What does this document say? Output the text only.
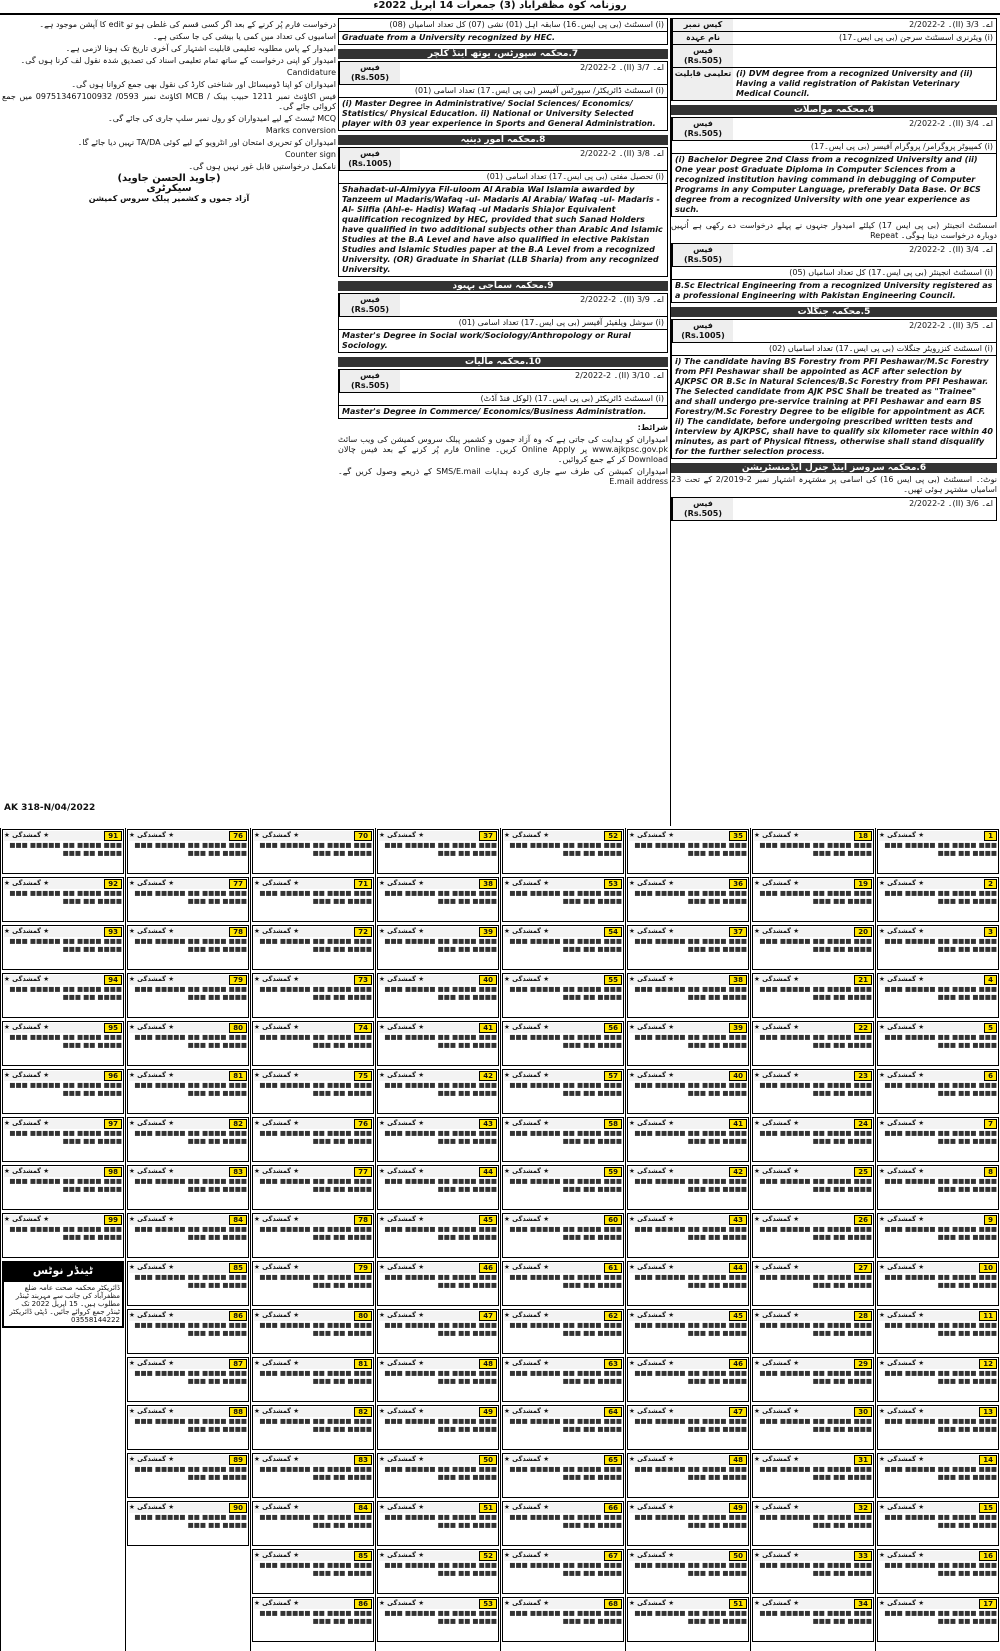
روزنامہ کوہ مظفرآباد (3) جمعرات 14 اپریل 2022ء
کیس نمبر	اے۔ 3/3 (II)۔ 2-2/2022
نام عہدہ	(i) ویٹرنری اسسٹنٹ سرجن (بی پی ایس۔17)
فیس (Rs.505)
تعلیمی قابلیت (i) DVM degree from a recognized University and (ii) Having a valid registration of Pakistan Veterinary Medical Council.
4.محکمہ مواصلات
فیس (Rs.505)
اے۔ 3/4 (II)۔ 2-2/2022
(i) کمپیوٹر پروگرامر/ پروگرام آفیسر (بی پی ایس۔17)
(i) Bachelor Degree 2nd Class from a recognized University and (ii) One year post Graduate Diploma in Computer Sciences from a recognized institution having command in debugging of Computer Programs in any Computer Language, preferably Data Base. Or BCS degree from a recognized University with one year experience as such.
اسسٹنٹ انجینئر (بی پی ایس 17) کیلئے امیدوار جنہوں نے پہلے درخواست دے رکھی ہے اُنہیں دوبارہ درخواست دینا ہوگی۔ Repeat
فیس (Rs.505)
اے۔ 3/4 (II)۔ 2-2/2022
(i) اسسٹنٹ انجینئر (بی پی ایس۔17) کل تعداد اسامیاں (05)
B.Sc Electrical Engineering from a recognized University registered as a professional Engineering with Pakistan Engineering Council.
5.محکمہ جنگلات
فیس (Rs.1005)
اے۔ 3/5 (II)۔ 2-2/2022
(i) اسسٹنٹ کنزرویٹر جنگلات (بی پی ایس۔17) تعداد اسامیاں (02)
i) The candidate having BS Forestry from PFI Peshawar/M.Sc Forestry from PFI Peshawar shall be appointed as ACF after selection by AJKPSC OR B.Sc in Natural Sciences/B.Sc Forestry from PFI Peshawar. The Selected candidate from AJK PSC Shall be treated as "Trainee" and shall undergo pre-service training at PFI Peshawar and earn BS Forestry/M.Sc Forestry Degree to be eligible for appointment as ACF. ii) The candidate, before undergoing prescribed written tests and interview by AJKPSC, shall have to qualify six kilometer race within 40 minutes, as part of Physical fitness, otherwise shall stand disqualify for the further selection process.
6.محکمہ سروسز اینڈ جنرل ایڈمنسٹریشن
نوٹ:۔ اسسٹنٹ (بی پی ایس 16) کی اسامی پر مشتہرہ اشتہار نمبر 2-2/2019 کے تحت 23 اسامیاں مشتہر ہوئی تھیں۔
فیس (Rs.505)
اے۔ 3/6 (II)۔ 2-2/2022
(i) اسسٹنٹ (بی پی ایس۔16) سابقہ اہل (01) نشی (07) کل تعداد اسامیاں (08)
Graduate from a University recognized by HEC.
7.محکمہ سپورٹس، یوتھ اینڈ کلچر
فیس (Rs.505)
اے۔ 3/7 (II)۔ 2-2/2022
(i) اسسٹنٹ ڈائریکٹر/ سپورٹس آفیسر (بی پی ایس۔17) تعداد اسامی (01)
(i) Master Degree in Administrative/ Social Sciences/ Economics/ Statistics/ Physical Education. ii) National or University Selected player with 03 year experience in Sports and General Administration.
8.محکمہ امور دینیہ
فیس (Rs.1005)
اے۔ 3/8 (II)۔ 2-2/2022
(i) تحصیل مفتی (بی پی ایس۔17) تعداد اسامی (01)
Shahadat-ul-Almiyya Fil-uloom Al Arabia Wal Islamia awarded by Tanzeem ul Madaris/Wafaq -ul- Madaris Al Arabia/ Wafaq -ul- Madaris -Al- Silfia (Ahl-e- Hadis) Wafaq -ul Madaris Shia)or Equivalent qualification recognized by HEC, provided that such Sanad Holders have qualified in two additional subjects other than Arabic And Islamic Studies at the B.A Level and have also qualified in elective Pakistan Studies and Islamic Studies paper at the B.A Level from a recognized University. (OR) Graduate in Shariat (LLB Sharia) from any recognized University.
9.محکمہ سماجی بہبود
فیس (Rs.505)
اے۔ 3/9 (II)۔ 2-2/2022
(i) سوشل ویلفیئر آفیسر (بی پی ایس۔17) تعداد اسامی (01)
Master's Degree in Social work/Sociology/Anthropology or Rural Sociology.
10.محکمہ مالیات
فیس (Rs.505)
اے۔ 3/10 (II)۔ 2-2/2022
(i) اسسٹنٹ ڈائریکٹر (بی پی ایس۔17) (لوکل فنڈ آڈٹ)
Master's Degree in Commerce/ Economics/Business Administration.
شرائط:
امیدواران کو ہدایت کی جاتی ہے کہ وہ آزاد جموں و کشمیر پبلک سروس کمیشن کی ویب سائٹ www.ajkpsc.gov.pk پر Online Apply کریں۔ Online فارم پُر کرنے کے بعد فیس چالان Download کر کے جمع کروائیں۔
امیدواران کمیشن کی طرف سے جاری کردہ ہدایات SMS/E.mail کے ذریعے وصول کریں گے۔ E.mail address
درخواست فارم پُر کرنے کے بعد اگر کسی قسم کی غلطی ہو تو edit کا آپشن موجود ہے۔
اسامیوں کی تعداد میں کمی یا بیشی کی جا سکتی ہے۔
امیدوار کے پاس مطلوبہ تعلیمی قابلیت اشتہار کی آخری تاریخ تک ہونا لازمی ہے۔
امیدوار کو اپنی درخواست کے ساتھ تمام تعلیمی اسناد کی تصدیق شدہ نقول لف کرنا ہوں گی۔
Candidature
امیدواران کو اپنا ڈومیسائل اور شناختی کارڈ کی نقول بھی جمع کروانا ہوں گی۔
فیس اکاؤنٹ نمبر 1211 حبیب بینک / MCB اکاؤنٹ نمبر 0593/ 097513467100932 میں جمع کروائی جائے گی۔
MCQ ٹیسٹ کے لیے امیدواران کو رول نمبر سلپ جاری کی جائے گی۔
Marks conversion
امیدواران کو تحریری امتحان اور انٹرویو کے لیے کوئی TA/DA نہیں دیا جائے گا۔
Counter sign
نامکمل درخواستیں قابل غور نہیں ہوں گی۔
(جاوید الحسن جاوید)
سیکرٹری
آزاد جموں و کشمیر پبلک سروس کمیشن
AK 318-N/04/2022
1
★ گمشدگی ★
■■■ ■■■■ ■■ ■■■■■ ■■■ ■■■■ ■■ ■■■
2
★ گمشدگی ★
■■■ ■■■■ ■■ ■■■■■ ■■■ ■■■■ ■■ ■■■
3
★ گمشدگی ★
■■■ ■■■■ ■■ ■■■■■ ■■■ ■■■■ ■■ ■■■
4
★ گمشدگی ★
■■■ ■■■■ ■■ ■■■■■ ■■■ ■■■■ ■■ ■■■
5
★ گمشدگی ★
■■■ ■■■■ ■■ ■■■■■ ■■■ ■■■■ ■■ ■■■
6
★ گمشدگی ★
■■■ ■■■■ ■■ ■■■■■ ■■■ ■■■■ ■■ ■■■
7
★ گمشدگی ★
■■■ ■■■■ ■■ ■■■■■ ■■■ ■■■■ ■■ ■■■
8
★ گمشدگی ★
■■■ ■■■■ ■■ ■■■■■ ■■■ ■■■■ ■■ ■■■
9
★ گمشدگی ★
■■■ ■■■■ ■■ ■■■■■ ■■■ ■■■■ ■■ ■■■
10
★ گمشدگی ★
■■■ ■■■■ ■■ ■■■■■ ■■■ ■■■■ ■■ ■■■
11
★ گمشدگی ★
■■■ ■■■■ ■■ ■■■■■ ■■■ ■■■■ ■■ ■■■
12
★ گمشدگی ★
■■■ ■■■■ ■■ ■■■■■ ■■■ ■■■■ ■■ ■■■
13
★ گمشدگی ★
■■■ ■■■■ ■■ ■■■■■ ■■■ ■■■■ ■■ ■■■
14
★ گمشدگی ★
■■■ ■■■■ ■■ ■■■■■ ■■■ ■■■■ ■■ ■■■
15
★ گمشدگی ★
■■■ ■■■■ ■■ ■■■■■ ■■■ ■■■■ ■■ ■■■
16
★ گمشدگی ★
■■■ ■■■■ ■■ ■■■■■ ■■■ ■■■■ ■■ ■■■
17
★ گمشدگی ★
■■■ ■■■■ ■■ ■■■■■ ■■■ ■■■■ ■■ ■■■
18
★ گمشدگی ★
■■■ ■■■■ ■■ ■■■■■ ■■■ ■■■■ ■■ ■■■
19
★ گمشدگی ★
■■■ ■■■■ ■■ ■■■■■ ■■■ ■■■■ ■■ ■■■
20
★ گمشدگی ★
■■■ ■■■■ ■■ ■■■■■ ■■■ ■■■■ ■■ ■■■
21
★ گمشدگی ★
■■■ ■■■■ ■■ ■■■■■ ■■■ ■■■■ ■■ ■■■
22
★ گمشدگی ★
■■■ ■■■■ ■■ ■■■■■ ■■■ ■■■■ ■■ ■■■
23
★ گمشدگی ★
■■■ ■■■■ ■■ ■■■■■ ■■■ ■■■■ ■■ ■■■
24
★ گمشدگی ★
■■■ ■■■■ ■■ ■■■■■ ■■■ ■■■■ ■■ ■■■
25
★ گمشدگی ★
■■■ ■■■■ ■■ ■■■■■ ■■■ ■■■■ ■■ ■■■
26
★ گمشدگی ★
■■■ ■■■■ ■■ ■■■■■ ■■■ ■■■■ ■■ ■■■
27
★ گمشدگی ★
■■■ ■■■■ ■■ ■■■■■ ■■■ ■■■■ ■■ ■■■
28
★ گمشدگی ★
■■■ ■■■■ ■■ ■■■■■ ■■■ ■■■■ ■■ ■■■
29
★ گمشدگی ★
■■■ ■■■■ ■■ ■■■■■ ■■■ ■■■■ ■■ ■■■
30
★ گمشدگی ★
■■■ ■■■■ ■■ ■■■■■ ■■■ ■■■■ ■■ ■■■
31
★ گمشدگی ★
■■■ ■■■■ ■■ ■■■■■ ■■■ ■■■■ ■■ ■■■
32
★ گمشدگی ★
■■■ ■■■■ ■■ ■■■■■ ■■■ ■■■■ ■■ ■■■
33
★ گمشدگی ★
■■■ ■■■■ ■■ ■■■■■ ■■■ ■■■■ ■■ ■■■
34
★ گمشدگی ★
■■■ ■■■■ ■■ ■■■■■ ■■■ ■■■■ ■■ ■■■
35
★ گمشدگی ★
■■■ ■■■■ ■■ ■■■■■ ■■■ ■■■■ ■■ ■■■
36
★ گمشدگی ★
■■■ ■■■■ ■■ ■■■■■ ■■■ ■■■■ ■■ ■■■
37
★ گمشدگی ★
■■■ ■■■■ ■■ ■■■■■ ■■■ ■■■■ ■■ ■■■
38
★ گمشدگی ★
■■■ ■■■■ ■■ ■■■■■ ■■■ ■■■■ ■■ ■■■
39
★ گمشدگی ★
■■■ ■■■■ ■■ ■■■■■ ■■■ ■■■■ ■■ ■■■
40
★ گمشدگی ★
■■■ ■■■■ ■■ ■■■■■ ■■■ ■■■■ ■■ ■■■
41
★ گمشدگی ★
■■■ ■■■■ ■■ ■■■■■ ■■■ ■■■■ ■■ ■■■
42
★ گمشدگی ★
■■■ ■■■■ ■■ ■■■■■ ■■■ ■■■■ ■■ ■■■
43
★ گمشدگی ★
■■■ ■■■■ ■■ ■■■■■ ■■■ ■■■■ ■■ ■■■
44
★ گمشدگی ★
■■■ ■■■■ ■■ ■■■■■ ■■■ ■■■■ ■■ ■■■
45
★ گمشدگی ★
■■■ ■■■■ ■■ ■■■■■ ■■■ ■■■■ ■■ ■■■
46
★ گمشدگی ★
■■■ ■■■■ ■■ ■■■■■ ■■■ ■■■■ ■■ ■■■
47
★ گمشدگی ★
■■■ ■■■■ ■■ ■■■■■ ■■■ ■■■■ ■■ ■■■
48
★ گمشدگی ★
■■■ ■■■■ ■■ ■■■■■ ■■■ ■■■■ ■■ ■■■
49
★ گمشدگی ★
■■■ ■■■■ ■■ ■■■■■ ■■■ ■■■■ ■■ ■■■
50
★ گمشدگی ★
■■■ ■■■■ ■■ ■■■■■ ■■■ ■■■■ ■■ ■■■
51
★ گمشدگی ★
■■■ ■■■■ ■■ ■■■■■ ■■■ ■■■■ ■■ ■■■
52
★ گمشدگی ★
■■■ ■■■■ ■■ ■■■■■ ■■■ ■■■■ ■■ ■■■
53
★ گمشدگی ★
■■■ ■■■■ ■■ ■■■■■ ■■■ ■■■■ ■■ ■■■
54
★ گمشدگی ★
■■■ ■■■■ ■■ ■■■■■ ■■■ ■■■■ ■■ ■■■
55
★ گمشدگی ★
■■■ ■■■■ ■■ ■■■■■ ■■■ ■■■■ ■■ ■■■
56
★ گمشدگی ★
■■■ ■■■■ ■■ ■■■■■ ■■■ ■■■■ ■■ ■■■
57
★ گمشدگی ★
■■■ ■■■■ ■■ ■■■■■ ■■■ ■■■■ ■■ ■■■
58
★ گمشدگی ★
■■■ ■■■■ ■■ ■■■■■ ■■■ ■■■■ ■■ ■■■
59
★ گمشدگی ★
■■■ ■■■■ ■■ ■■■■■ ■■■ ■■■■ ■■ ■■■
60
★ گمشدگی ★
■■■ ■■■■ ■■ ■■■■■ ■■■ ■■■■ ■■ ■■■
61
★ گمشدگی ★
■■■ ■■■■ ■■ ■■■■■ ■■■ ■■■■ ■■ ■■■
62
★ گمشدگی ★
■■■ ■■■■ ■■ ■■■■■ ■■■ ■■■■ ■■ ■■■
63
★ گمشدگی ★
■■■ ■■■■ ■■ ■■■■■ ■■■ ■■■■ ■■ ■■■
64
★ گمشدگی ★
■■■ ■■■■ ■■ ■■■■■ ■■■ ■■■■ ■■ ■■■
65
★ گمشدگی ★
■■■ ■■■■ ■■ ■■■■■ ■■■ ■■■■ ■■ ■■■
66
★ گمشدگی ★
■■■ ■■■■ ■■ ■■■■■ ■■■ ■■■■ ■■ ■■■
67
★ گمشدگی ★
■■■ ■■■■ ■■ ■■■■■ ■■■ ■■■■ ■■ ■■■
68
★ گمشدگی ★
■■■ ■■■■ ■■ ■■■■■ ■■■ ■■■■ ■■ ■■■
37
★ گمشدگی ★
■■■ ■■■■ ■■ ■■■■■ ■■■ ■■■■ ■■ ■■■
38
★ گمشدگی ★
■■■ ■■■■ ■■ ■■■■■ ■■■ ■■■■ ■■ ■■■
39
★ گمشدگی ★
■■■ ■■■■ ■■ ■■■■■ ■■■ ■■■■ ■■ ■■■
40
★ گمشدگی ★
■■■ ■■■■ ■■ ■■■■■ ■■■ ■■■■ ■■ ■■■
41
★ گمشدگی ★
■■■ ■■■■ ■■ ■■■■■ ■■■ ■■■■ ■■ ■■■
42
★ گمشدگی ★
■■■ ■■■■ ■■ ■■■■■ ■■■ ■■■■ ■■ ■■■
43
★ گمشدگی ★
■■■ ■■■■ ■■ ■■■■■ ■■■ ■■■■ ■■ ■■■
44
★ گمشدگی ★
■■■ ■■■■ ■■ ■■■■■ ■■■ ■■■■ ■■ ■■■
45
★ گمشدگی ★
■■■ ■■■■ ■■ ■■■■■ ■■■ ■■■■ ■■ ■■■
46
★ گمشدگی ★
■■■ ■■■■ ■■ ■■■■■ ■■■ ■■■■ ■■ ■■■
47
★ گمشدگی ★
■■■ ■■■■ ■■ ■■■■■ ■■■ ■■■■ ■■ ■■■
48
★ گمشدگی ★
■■■ ■■■■ ■■ ■■■■■ ■■■ ■■■■ ■■ ■■■
49
★ گمشدگی ★
■■■ ■■■■ ■■ ■■■■■ ■■■ ■■■■ ■■ ■■■
50
★ گمشدگی ★
■■■ ■■■■ ■■ ■■■■■ ■■■ ■■■■ ■■ ■■■
51
★ گمشدگی ★
■■■ ■■■■ ■■ ■■■■■ ■■■ ■■■■ ■■ ■■■
52
★ گمشدگی ★
■■■ ■■■■ ■■ ■■■■■ ■■■ ■■■■ ■■ ■■■
53
★ گمشدگی ★
■■■ ■■■■ ■■ ■■■■■ ■■■ ■■■■ ■■ ■■■
70
★ گمشدگی ★
■■■ ■■■■ ■■ ■■■■■ ■■■ ■■■■ ■■ ■■■
71
★ گمشدگی ★
■■■ ■■■■ ■■ ■■■■■ ■■■ ■■■■ ■■ ■■■
72
★ گمشدگی ★
■■■ ■■■■ ■■ ■■■■■ ■■■ ■■■■ ■■ ■■■
73
★ گمشدگی ★
■■■ ■■■■ ■■ ■■■■■ ■■■ ■■■■ ■■ ■■■
74
★ گمشدگی ★
■■■ ■■■■ ■■ ■■■■■ ■■■ ■■■■ ■■ ■■■
75
★ گمشدگی ★
■■■ ■■■■ ■■ ■■■■■ ■■■ ■■■■ ■■ ■■■
76
★ گمشدگی ★
■■■ ■■■■ ■■ ■■■■■ ■■■ ■■■■ ■■ ■■■
77
★ گمشدگی ★
■■■ ■■■■ ■■ ■■■■■ ■■■ ■■■■ ■■ ■■■
78
★ گمشدگی ★
■■■ ■■■■ ■■ ■■■■■ ■■■ ■■■■ ■■ ■■■
79
★ گمشدگی ★
■■■ ■■■■ ■■ ■■■■■ ■■■ ■■■■ ■■ ■■■
80
★ گمشدگی ★
■■■ ■■■■ ■■ ■■■■■ ■■■ ■■■■ ■■ ■■■
81
★ گمشدگی ★
■■■ ■■■■ ■■ ■■■■■ ■■■ ■■■■ ■■ ■■■
82
★ گمشدگی ★
■■■ ■■■■ ■■ ■■■■■ ■■■ ■■■■ ■■ ■■■
83
★ گمشدگی ★
■■■ ■■■■ ■■ ■■■■■ ■■■ ■■■■ ■■ ■■■
84
★ گمشدگی ★
■■■ ■■■■ ■■ ■■■■■ ■■■ ■■■■ ■■ ■■■
85
★ گمشدگی ★
■■■ ■■■■ ■■ ■■■■■ ■■■ ■■■■ ■■ ■■■
86
★ گمشدگی ★
■■■ ■■■■ ■■ ■■■■■ ■■■ ■■■■ ■■ ■■■
76
★ گمشدگی ★
■■■ ■■■■ ■■ ■■■■■ ■■■ ■■■■ ■■ ■■■
77
★ گمشدگی ★
■■■ ■■■■ ■■ ■■■■■ ■■■ ■■■■ ■■ ■■■
78
★ گمشدگی ★
■■■ ■■■■ ■■ ■■■■■ ■■■ ■■■■ ■■ ■■■
79
★ گمشدگی ★
■■■ ■■■■ ■■ ■■■■■ ■■■ ■■■■ ■■ ■■■
80
★ گمشدگی ★
■■■ ■■■■ ■■ ■■■■■ ■■■ ■■■■ ■■ ■■■
81
★ گمشدگی ★
■■■ ■■■■ ■■ ■■■■■ ■■■ ■■■■ ■■ ■■■
82
★ گمشدگی ★
■■■ ■■■■ ■■ ■■■■■ ■■■ ■■■■ ■■ ■■■
83
★ گمشدگی ★
■■■ ■■■■ ■■ ■■■■■ ■■■ ■■■■ ■■ ■■■
84
★ گمشدگی ★
■■■ ■■■■ ■■ ■■■■■ ■■■ ■■■■ ■■ ■■■
85
★ گمشدگی ★
■■■ ■■■■ ■■ ■■■■■ ■■■ ■■■■ ■■ ■■■
86
★ گمشدگی ★
■■■ ■■■■ ■■ ■■■■■ ■■■ ■■■■ ■■ ■■■
87
★ گمشدگی ★
■■■ ■■■■ ■■ ■■■■■ ■■■ ■■■■ ■■ ■■■
88
★ گمشدگی ★
■■■ ■■■■ ■■ ■■■■■ ■■■ ■■■■ ■■ ■■■
89
★ گمشدگی ★
■■■ ■■■■ ■■ ■■■■■ ■■■ ■■■■ ■■ ■■■
90
★ گمشدگی ★
■■■ ■■■■ ■■ ■■■■■ ■■■ ■■■■ ■■ ■■■
91
★ گمشدگی ★
■■■ ■■■■ ■■ ■■■■■ ■■■ ■■■■ ■■ ■■■
92
★ گمشدگی ★
■■■ ■■■■ ■■ ■■■■■ ■■■ ■■■■ ■■ ■■■
93
★ گمشدگی ★
■■■ ■■■■ ■■ ■■■■■ ■■■ ■■■■ ■■ ■■■
94
★ گمشدگی ★
■■■ ■■■■ ■■ ■■■■■ ■■■ ■■■■ ■■ ■■■
95
★ گمشدگی ★
■■■ ■■■■ ■■ ■■■■■ ■■■ ■■■■ ■■ ■■■
96
★ گمشدگی ★
■■■ ■■■■ ■■ ■■■■■ ■■■ ■■■■ ■■ ■■■
97
★ گمشدگی ★
■■■ ■■■■ ■■ ■■■■■ ■■■ ■■■■ ■■ ■■■
98
★ گمشدگی ★
■■■ ■■■■ ■■ ■■■■■ ■■■ ■■■■ ■■ ■■■
99
★ گمشدگی ★
■■■ ■■■■ ■■ ■■■■■ ■■■ ■■■■ ■■ ■■■
ٹینڈر نوٹس
ڈائریکٹر محکمہ صحت عامہ ضلع مظفرآباد کی جانب سے مہربند ٹینڈر مطلوب ہیں۔ 15 اپریل 2022 تک ٹینڈر جمع کروائے جائیں۔ ڈپٹی ڈائریکٹر 03558144222
